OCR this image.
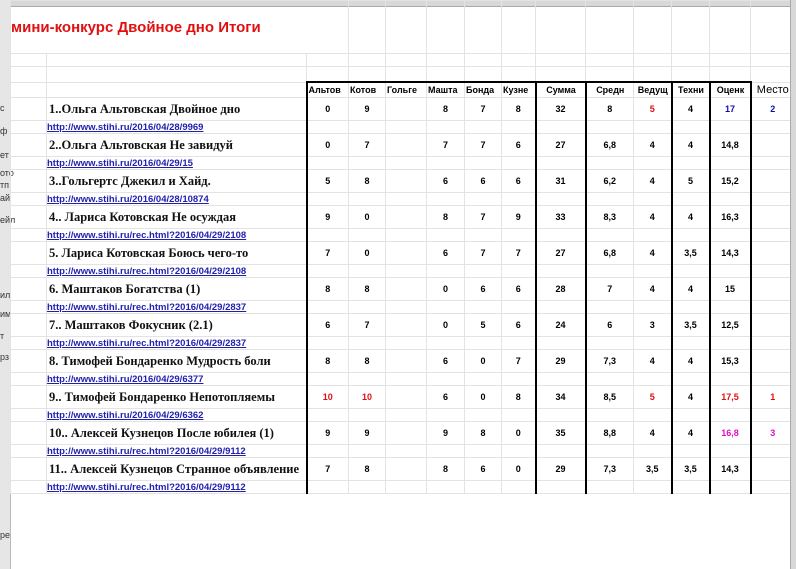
с
ф
ет
ото
тп
ай
ейл
ил
им
т
рз
ре
мини-конкурс Двойное дно Итоги													

		Альтов	Котов	Гольге	Машта	Бонда	Кузне	Сумма	Средн	Ведущ	Техни	Оценк	Место
	1..Ольга Альтовская Двойное дно	0	9		8	7	8	32	8	5	4	17	2
	http://www.stihi.ru/2016/04/28/9969												
	2..Ольга Альтовская Не завидуй	0	7		7	7	6	27	6,8	4	4	14,8	
	http://www.stihi.ru/2016/04/29/15												
	3..Гольгертс Джекил и Хайд.	5	8		6	6	6	31	6,2	4	5	15,2	
	http://www.stihi.ru/2016/04/28/10874												
	4.. Лариса Котовская Не осуждая	9	0		8	7	9	33	8,3	4	4	16,3	
	http://www.stihi.ru/rec.html?2016/04/29/2108												
	5. Лариса Котовская Боюсь чего-то	7	0		6	7	7	27	6,8	4	3,5	14,3	
	http://www.stihi.ru/rec.html?2016/04/29/2108												
	6. Маштаков Богатства (1)	8	8		0	6	6	28	7	4	4	15	
	http://www.stihi.ru/rec.html?2016/04/29/2837												
	7.. Маштаков Фокусник (2.1)	6	7		0	5	6	24	6	3	3,5	12,5	
	http://www.stihi.ru/rec.html?2016/04/29/2837												
	8. Тимофей Бондаренко Мудрость боли	8	8		6	0	7	29	7,3	4	4	15,3	
	http://www.stihi.ru/2016/04/29/6377												
	9.. Тимофей Бондаренко Непотопляемы	10	10		6	0	8	34	8,5	5	4	17,5	1
	http://www.stihi.ru/2016/04/29/6362												
	10.. Алексей Кузнецов После юбилея (1)	9	9		9	8	0	35	8,8	4	4	16,8	3
	http://www.stihi.ru/rec.html?2016/04/29/9112												
	11.. Алексей Кузнецов Странное объявление	7	8		8	6	0	29	7,3	3,5	3,5	14,3	
	http://www.stihi.ru/rec.html?2016/04/29/9112												
